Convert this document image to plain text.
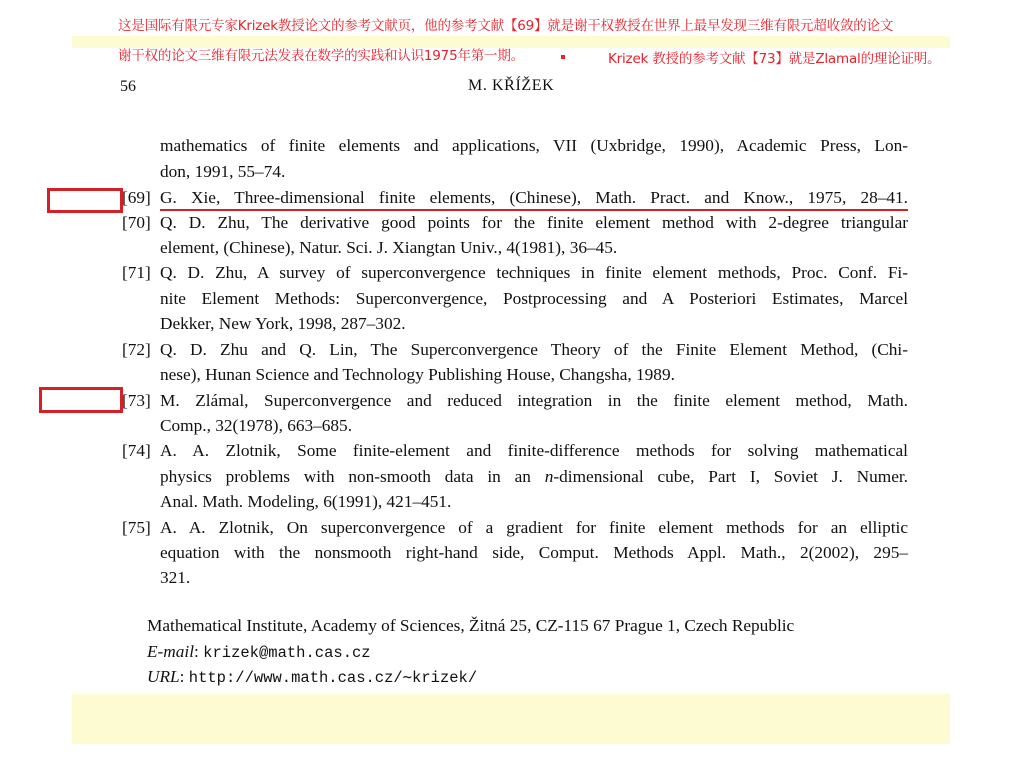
这是国际有限元专家Krizek教授论文的参考文献页，他的参考文献【69】就是谢干权教授在世界上最早发现三维有限元超收敛的论文
谢干权的论文三维有限元法发表在数学的实践和认识1975年第一期。	Krizek 教授的参考文献【73】就是Zlamal的理论证明。
56	M. KŘÍŽEK
mathematics of finite elements and applications, VII (Uxbridge, 1990), Academic Press, Lon-
don, 1991, 55–74.
[69] G. Xie, Three-dimensional finite elements, (Chinese), Math. Pract. and Know., 1975, 28–41.
[70] Q. D. Zhu, The derivative good points for the finite element method with 2-degree triangular
element, (Chinese), Natur. Sci. J. Xiangtan Univ., 4(1981), 36–45.
[71] Q. D. Zhu, A survey of superconvergence techniques in finite element methods, Proc. Conf. Fi-
nite Element Methods: Superconvergence, Postprocessing and A Posteriori Estimates, Marcel
Dekker, New York, 1998, 287–302.
[72] Q. D. Zhu and Q. Lin, The Superconvergence Theory of the Finite Element Method, (Chi-
nese), Hunan Science and Technology Publishing House, Changsha, 1989.
[73] M. Zlámal, Superconvergence and reduced integration in the finite element method, Math.
Comp., 32(1978), 663–685.
[74] A. A. Zlotnik, Some finite-element and finite-difference methods for solving mathematical
physics problems with non-smooth data in an n-dimensional cube, Part I, Soviet J. Numer.
Anal. Math. Modeling, 6(1991), 421–451.
[75] A. A. Zlotnik, On superconvergence of a gradient for finite element methods for an elliptic
equation with the nonsmooth right-hand side, Comput. Methods Appl. Math., 2(2002), 295–
321.
Mathematical Institute, Academy of Sciences, Žitná 25, CZ-115 67 Prague 1, Czech Republic
E-mail: krizek@math.cas.cz
URL: http://www.math.cas.cz/∼krizek/
